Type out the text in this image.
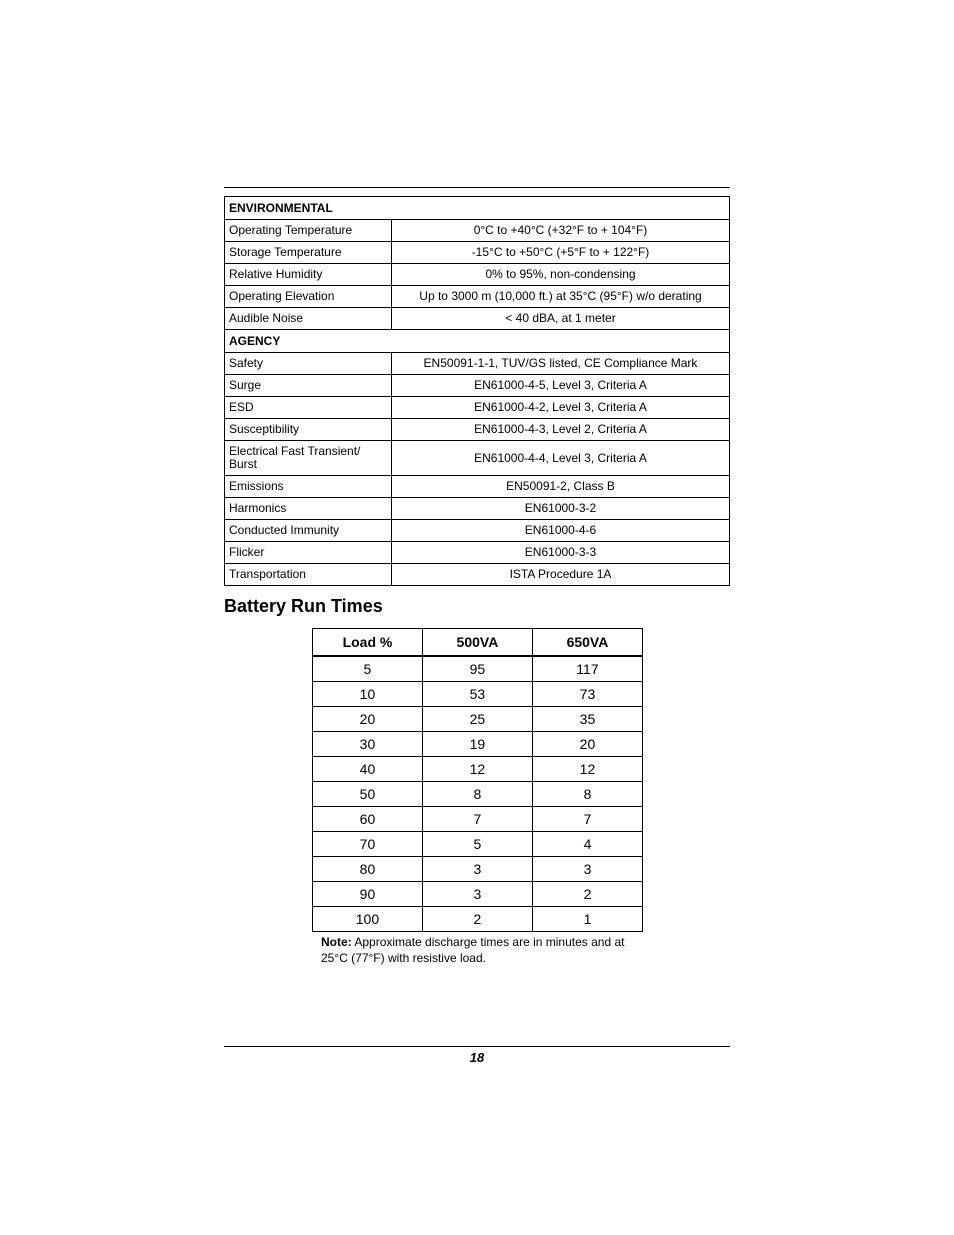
ENVIRONMENTAL	
Operating Temperature	0°C to +40°C (+32°F to + 104°F)
Storage Temperature	-15°C to +50°C (+5°F to + 122°F)
Relative Humidity	0% to 95%, non-condensing
Operating Elevation	Up to 3000 m (10,000 ft.) at 35°C (95°F) w/o derating
Audible Noise	< 40 dBA, at 1 meter
AGENCY	
Safety	EN50091-1-1, TUV/GS listed, CE Compliance Mark
Surge	EN61000-4-5, Level 3, Criteria A
ESD	EN61000-4-2, Level 3, Criteria A
Susceptibility	EN61000-4-3, Level 2, Criteria A
Electrical Fast Transient/ Burst	EN61000-4-4, Level 3, Criteria A
Emissions	EN50091-2, Class B
Harmonics	EN61000-3-2
Conducted Immunity	EN61000-4-6
Flicker	EN61000-3-3
Transportation	ISTA Procedure 1A
Battery Run Times
Load %	500VA	650VA
5	95	117
10	53	73
20	25	35
30	19	20
40	12	12
50	8	8
60	7	7
70	5	4
80	3	3
90	3	2
100	2	1
Note: Approximate discharge times are in minutes and at 25°C (77°F) with resistive load.
18
